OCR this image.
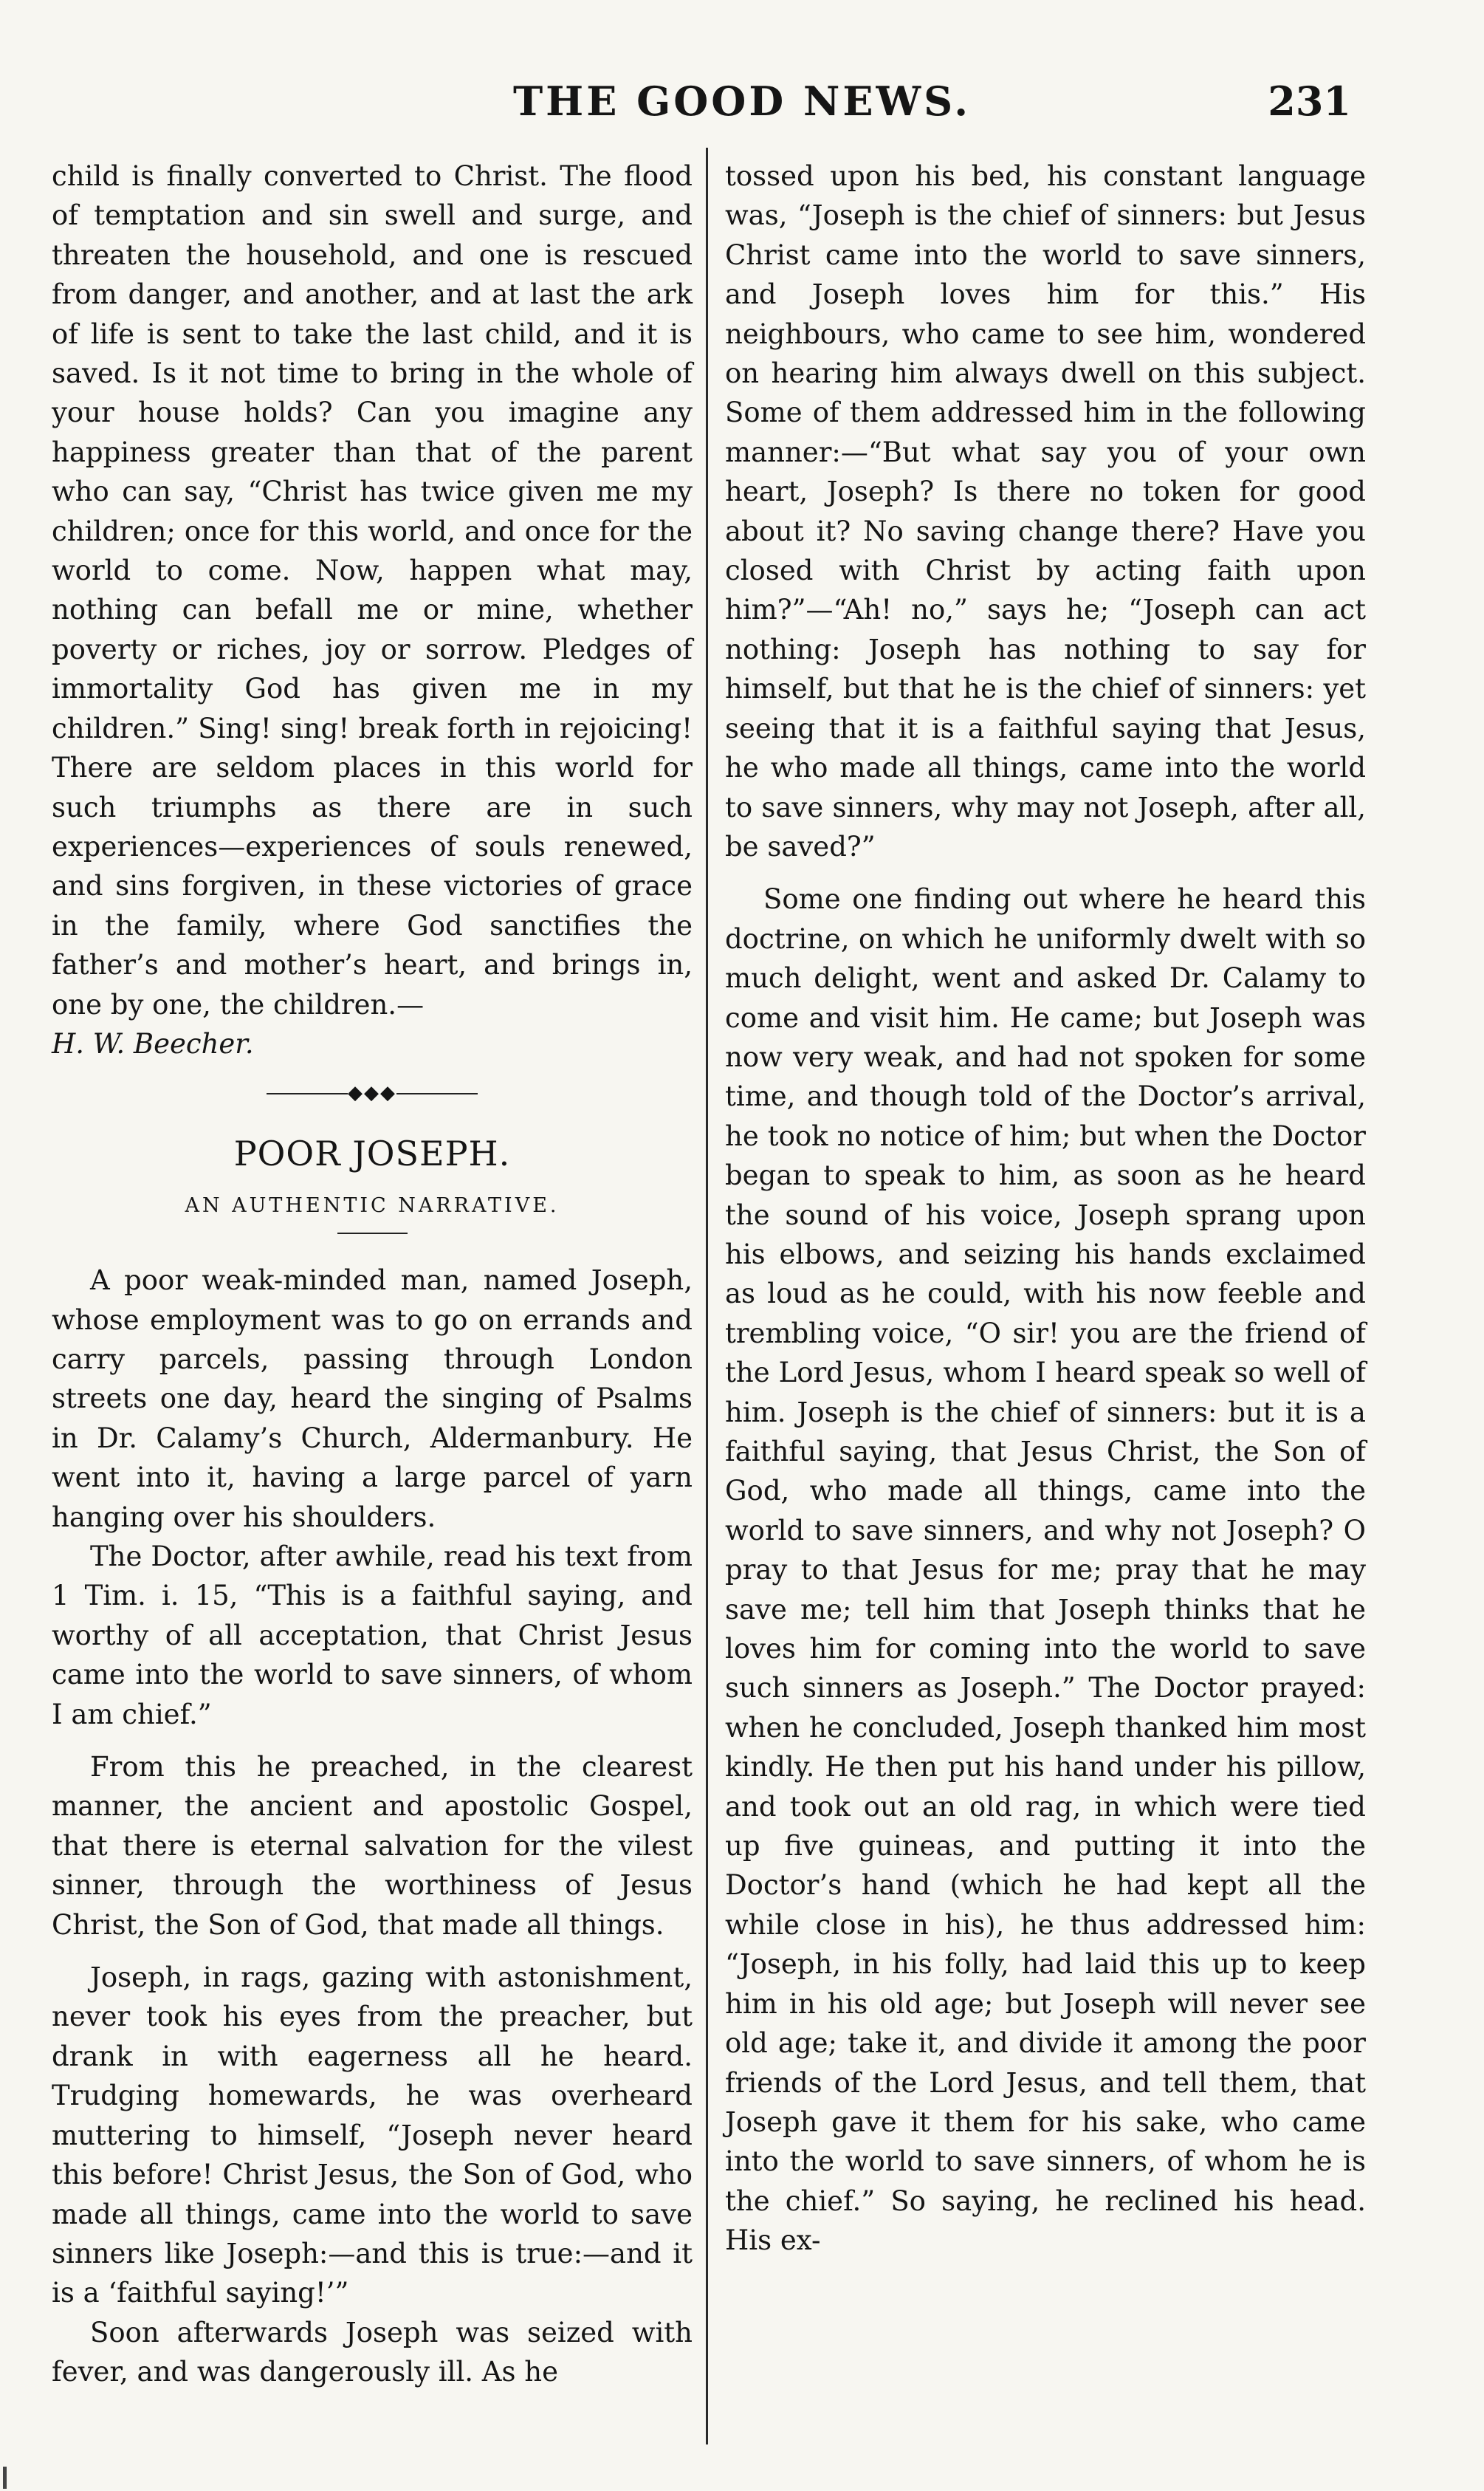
THE GOOD NEWS.	231

child is finally converted to Christ. The flood of temptation and sin swell and surge, and threaten the household, and one is rescued from danger, and another, and at last the ark of life is sent to take the last child, and it is saved. Is it not time to bring in the whole of your house holds? Can you imagine any happiness greater than that of the parent who can say, “Christ has twice given me my children; once for this world, and once for the world to come. Now, happen what may, nothing can befall me or mine, whether poverty or riches, joy or sorrow. Pledges of immortality God has given me in my children.” Sing! sing! break forth in rejoicing! There are seldom places in this world for such triumphs as there are in such experiences—experiences of souls renewed, and sins forgiven, in these victories of grace in the family, where God sanctifies the father’s and mother’s heart, and brings in, one by one, the children.—

H. W. Beecher.

◆◆◆
POOR JOSEPH.
AN AUTHENTIC NARRATIVE.

A poor weak-minded man, named Joseph, whose employment was to go on errands and carry parcels, passing through London streets one day, heard the singing of Psalms in Dr. Calamy’s Church, Aldermanbury. He went into it, having a large parcel of yarn hanging over his shoulders.

The Doctor, after awhile, read his text from 1 Tim. i. 15, “This is a faithful saying, and worthy of all acceptation, that Christ Jesus came into the world to save sinners, of whom I am chief.”

From this he preached, in the clearest manner, the ancient and apostolic Gospel, that there is eternal salvation for the vilest sinner, through the worthiness of Jesus Christ, the Son of God, that made all things.

Joseph, in rags, gazing with astonishment, never took his eyes from the preacher, but drank in with eagerness all he heard. Trudging homewards, he was overheard muttering to himself, “Joseph never heard this before! Christ Jesus, the Son of God, who made all things, came into the world to save sinners like Joseph:—and this is true:—and it is a ‘faithful saying!’”

Soon afterwards Joseph was seized with fever, and was dangerously ill. As he

tossed upon his bed, his constant language was, “Joseph is the chief of sinners: but Jesus Christ came into the world to save sinners, and Joseph loves him for this.” His neighbours, who came to see him, wondered on hearing him always dwell on this subject. Some of them addressed him in the following manner:—“But what say you of your own heart, Joseph? Is there no token for good about it? No saving change there? Have you closed with Christ by acting faith upon him?”—“Ah! no,” says he; “Joseph can act nothing: Joseph has nothing to say for himself, but that he is the chief of sinners: yet seeing that it is a faithful saying that Jesus, he who made all things, came into the world to save sinners, why may not Joseph, after all, be saved?”

Some one finding out where he heard this doctrine, on which he uniformly dwelt with so much delight, went and asked Dr. Calamy to come and visit him. He came; but Joseph was now very weak, and had not spoken for some time, and though told of the Doctor’s arrival, he took no notice of him; but when the Doctor began to speak to him, as soon as he heard the sound of his voice, Joseph sprang upon his elbows, and seizing his hands exclaimed as loud as he could, with his now feeble and trembling voice, “O sir! you are the friend of the Lord Jesus, whom I heard speak so well of him. Joseph is the chief of sinners: but it is a faithful saying, that Jesus Christ, the Son of God, who made all things, came into the world to save sinners, and why not Joseph? O pray to that Jesus for me; pray that he may save me; tell him that Joseph thinks that he loves him for coming into the world to save such sinners as Joseph.” The Doctor prayed: when he concluded, Joseph thanked him most kindly. He then put his hand under his pillow, and took out an old rag, in which were tied up five guineas, and putting it into the Doctor’s hand (which he had kept all the while close in his), he thus addressed him: “Joseph, in his folly, had laid this up to keep him in his old age; but Joseph will never see old age; take it, and divide it among the poor friends of the Lord Jesus, and tell them, that Joseph gave it them for his sake, who came into the world to save sinners, of whom he is the chief.” So saying, he reclined his head. His ex-
